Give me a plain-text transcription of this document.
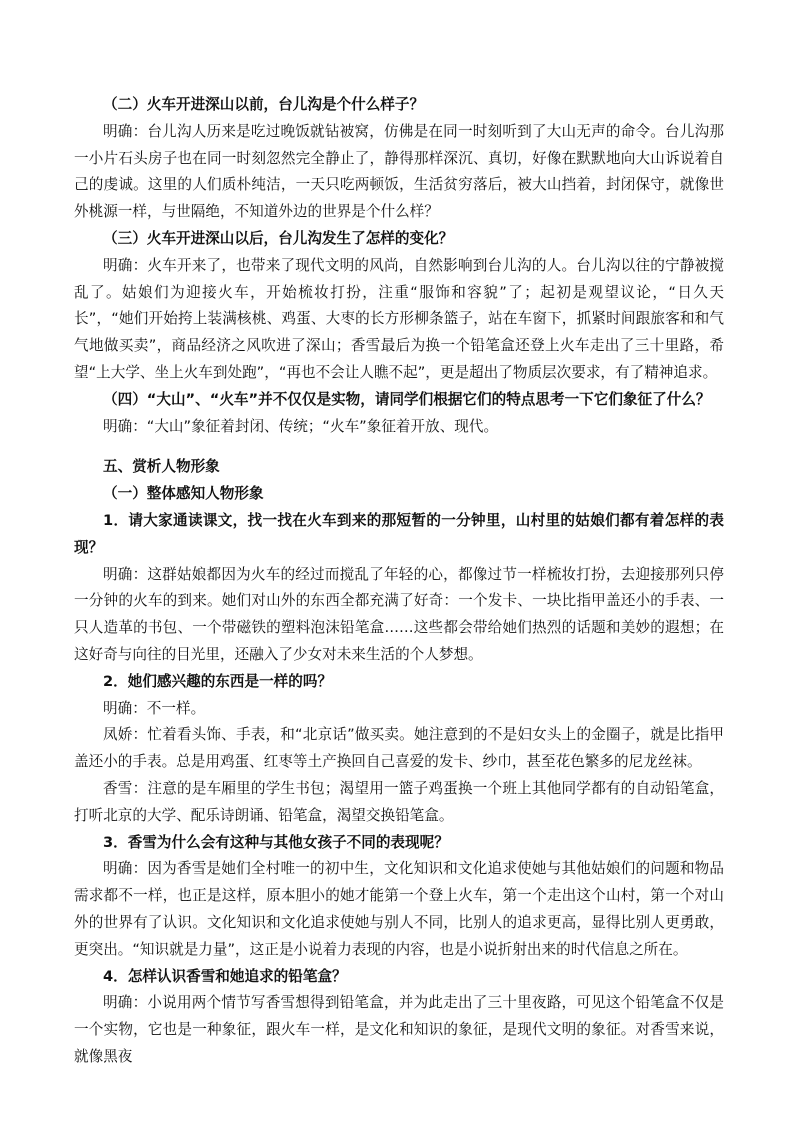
（二）火车开进深山以前，台儿沟是个什么样子？

明确：台儿沟人历来是吃过晚饭就钻被窝，仿佛是在同一时刻听到了大山无声的命令。台儿沟那一小片石头房子也在同一时刻忽然完全静止了，静得那样深沉、真切，好像在默默地向大山诉说着自己的虔诚。这里的人们质朴纯洁，一天只吃两顿饭，生活贫穷落后，被大山挡着，封闭保守，就像世外桃源一样，与世隔绝，不知道外边的世界是个什么样？

（三）火车开进深山以后，台儿沟发生了怎样的变化？

明确：火车开来了，也带来了现代文明的风尚，自然影响到台儿沟的人。台儿沟以往的宁静被搅乱了。姑娘们为迎接火车，开始梳妆打扮，注重“服饰和容貌”了；起初是观望议论，“日久天长”，“她们开始挎上装满核桃、鸡蛋、大枣的长方形柳条篮子，站在车窗下，抓紧时间跟旅客和和气气地做买卖”，商品经济之风吹进了深山；香雪最后为换一个铅笔盒还登上火车走出了三十里路，希望“上大学、坐上火车到处跑”，“再也不会让人瞧不起”，更是超出了物质层次要求，有了精神追求。

（四）“大山”、“火车”并不仅仅是实物，请同学们根据它们的特点思考一下它们象征了什么？

明确：“大山”象征着封闭、传统；“火车”象征着开放、现代。

五、赏析人物形象

（一）整体感知人物形象

1．请大家通读课文，找一找在火车到来的那短暂的一分钟里，山村里的姑娘们都有着怎样的表现？

明确：这群姑娘都因为火车的经过而搅乱了年轻的心，都像过节一样梳妆打扮，去迎接那列只停一分钟的火车的到来。她们对山外的东西全都充满了好奇：一个发卡、一块比指甲盖还小的手表、一只人造革的书包、一个带磁铁的塑料泡沫铅笔盒……这些都会带给她们热烈的话题和美妙的遐想；在这好奇与向往的目光里，还融入了少女对未来生活的个人梦想。

2．她们感兴趣的东西是一样的吗？

明确：不一样。

凤娇：忙着看头饰、手表，和“北京话”做买卖。她注意到的不是妇女头上的金圈子，就是比指甲盖还小的手表。总是用鸡蛋、红枣等土产换回自己喜爱的发卡、纱巾，甚至花色繁多的尼龙丝袜。

香雪：注意的是车厢里的学生书包；渴望用一篮子鸡蛋换一个班上其他同学都有的自动铅笔盒，打听北京的大学、配乐诗朗诵、铅笔盒，渴望交换铅笔盒。

3．香雪为什么会有这种与其他女孩子不同的表现呢？

明确：因为香雪是她们全村唯一的初中生，文化知识和文化追求使她与其他姑娘们的问题和物品需求都不一样，也正是这样，原本胆小的她才能第一个登上火车，第一个走出这个山村，第一个对山外的世界有了认识。文化知识和文化追求使她与别人不同，比别人的追求更高，显得比别人更勇敢，更突出。“知识就是力量”，这正是小说着力表现的内容，也是小说折射出来的时代信息之所在。

4．怎样认识香雪和她追求的铅笔盒？

明确：小说用两个情节写香雪想得到铅笔盒，并为此走出了三十里夜路，可见这个铅笔盒不仅是一个实物，它也是一种象征，跟火车一样，是文化和知识的象征，是现代文明的象征。对香雪来说，就像黑夜
